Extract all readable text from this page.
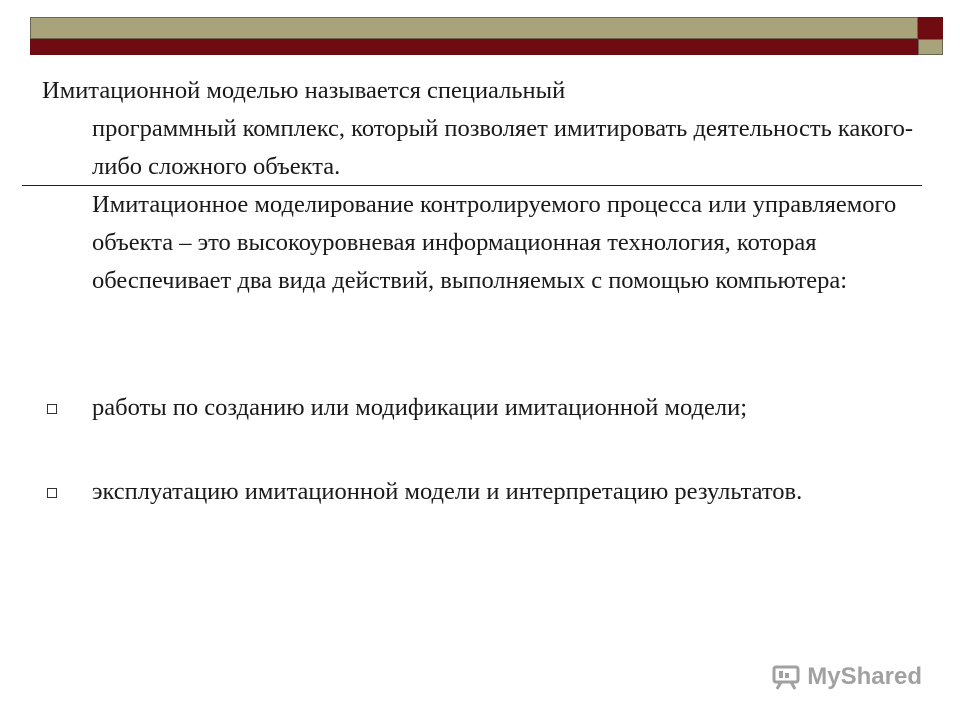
Имитационной моделью называется специальный
программный комплекс, который позволяет имитировать деятельность какого-либо сложного объекта.
Имитационное моделирование контролируемого процесса или управляемого объекта – это высокоуровневая информационная технология, которая обеспечивает два вида действий, выполняемых с помощью компьютера:
работы по созданию или модификации имитационной модели;
эксплуатацию имитационной модели и интерпретацию результатов.
MyShared
